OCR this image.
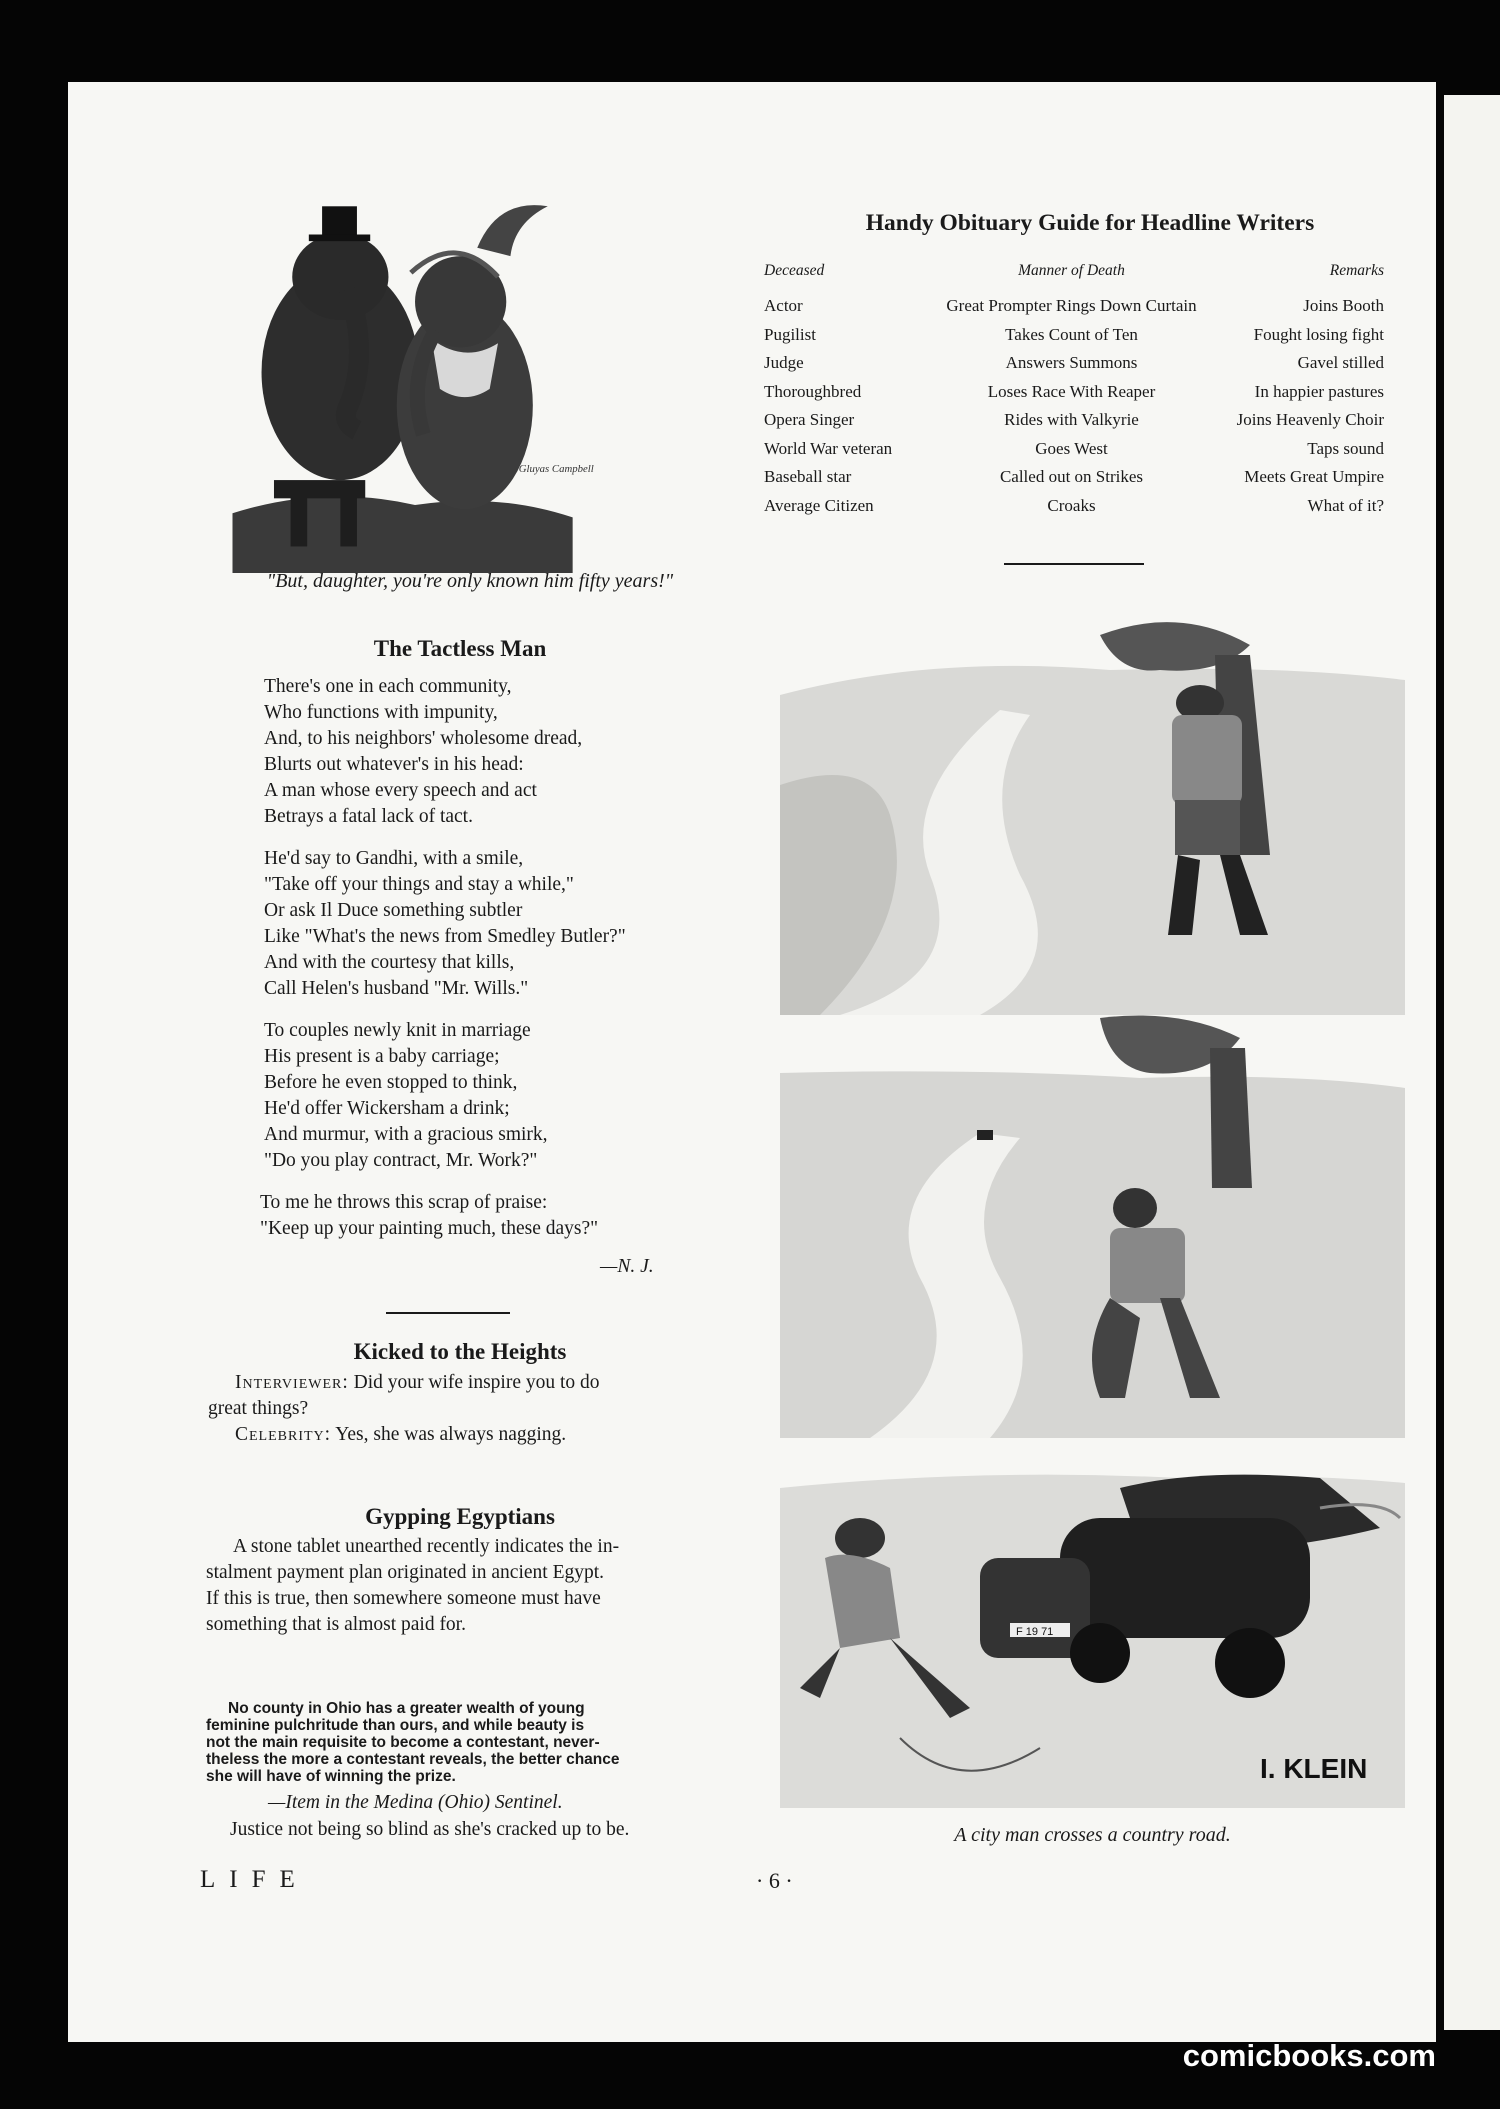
Gluyas Campbell
"But, daughter, you're only known him fifty years!"
The Tactless Man
There's one in each community,
Who functions with impunity,
And, to his neighbors' wholesome dread,
Blurts out whatever's in his head:
A man whose every speech and act
Betrays a fatal lack of tact.
He'd say to Gandhi, with a smile,
"Take off your things and stay a while,"
Or ask Il Duce something subtler
Like "What's the news from Smedley Butler?"
And with the courtesy that kills,
Call Helen's husband "Mr. Wills."
To couples newly knit in marriage
His present is a baby carriage;
Before he even stopped to think,
He'd offer Wickersham a drink;
And murmur, with a gracious smirk,
"Do you play contract, Mr. Work?"
To me he throws this scrap of praise:
"Keep up your painting much, these days?"
—N. J.
Kicked to the Heights
Interviewer: Did your wife inspire you to do
great things?
Celebrity: Yes, she was always nagging.
Gypping Egyptians
A stone tablet unearthed recently indicates the in-
stalment payment plan originated in ancient Egypt.
If this is true, then somewhere someone must have
something that is almost paid for.
No county in Ohio has a greater wealth of young
feminine pulchritude than ours, and while beauty is
not the main requisite to become a contestant, never-
theless the more a contestant reveals, the better chance
she will have of winning the prize.
—Item in the Medina (Ohio) Sentinel.
Justice not being so blind as she's cracked up to be.
Handy Obituary Guide for Headline Writers
Deceased	Manner of Death	Remarks
Actor	Great Prompter Rings Down Curtain	Joins Booth
Pugilist	Takes Count of Ten	Fought losing fight
Judge	Answers Summons	Gavel stilled
Thoroughbred	Loses Race With Reaper	In happier pastures
Opera Singer	Rides with Valkyrie	Joins Heavenly Choir
World War veteran	Goes West	Taps sound
Baseball star	Called out on Strikes	Meets Great Umpire
Average Citizen	Croaks	What of it?
F 19 71
I. KLEIN
A city man crosses a country road.
LIFE	· 6 ·
comicbooks.com
